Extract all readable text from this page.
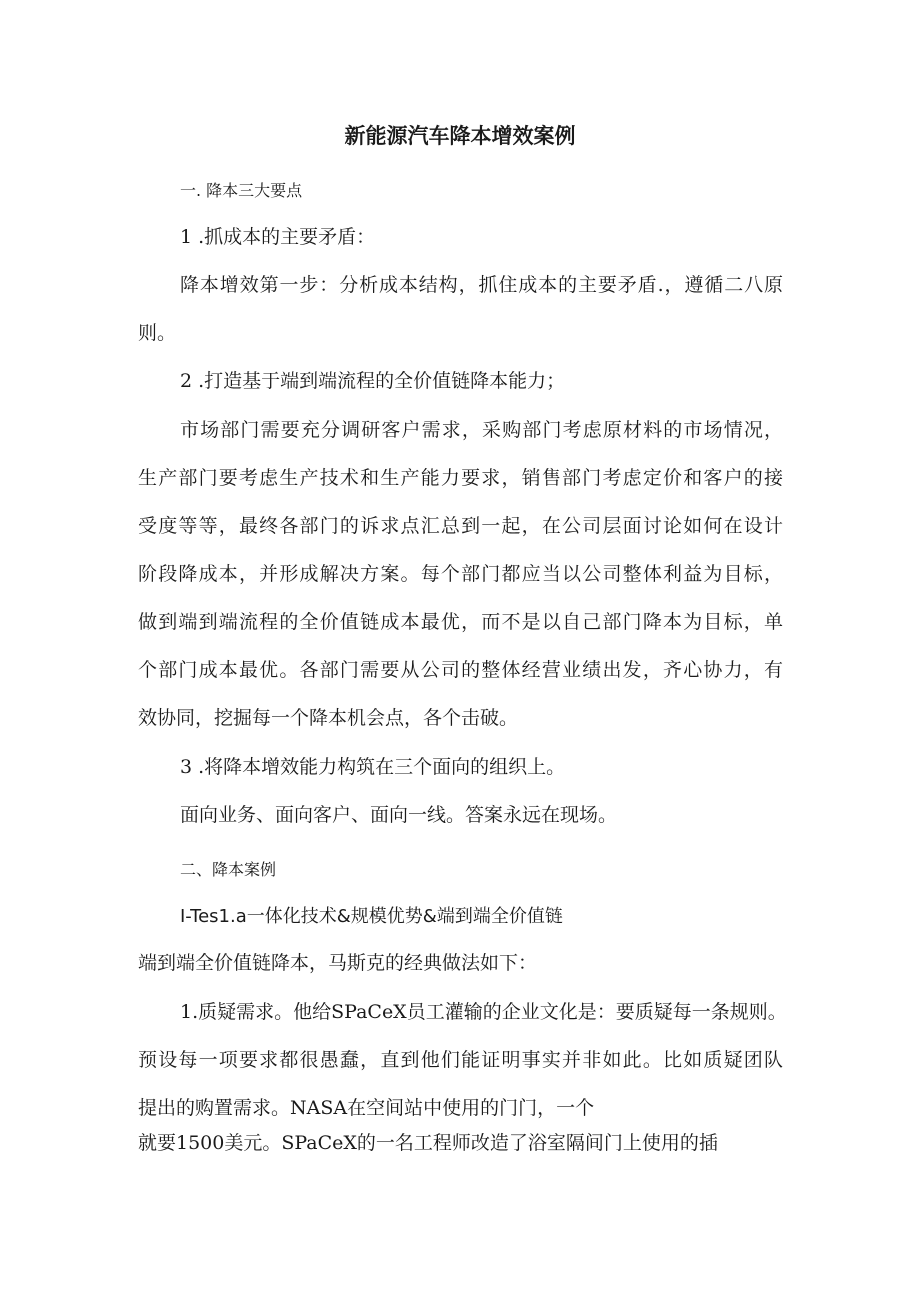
新能源汽车降本增效案例

一. 降本三大要点

1 .抓成本的主要矛盾：

降本增效第一步：分析成本结构，抓住成本的主要矛盾.，遵循二八原

则。

2 .打造基于端到端流程的全价值链降本能力；

市场部门需要充分调研客户需求，采购部门考虑原材料的市场情况，

生产部门要考虑生产技术和生产能力要求，销售部门考虑定价和客户的接

受度等等，最终各部门的诉求点汇总到一起，在公司层面讨论如何在设计

阶段降成本，并形成解决方案。每个部门都应当以公司整体利益为目标，

做到端到端流程的全价值链成本最优，而不是以自己部门降本为目标，单

个部门成本最优。各部门需要从公司的整体经营业绩出发，齐心协力，有

效协同，挖掘每一个降本机会点，各个击破。

3 .将降本增效能力构筑在三个面向的组织上。

面向业务、面向客户、面向一线。答案永远在现场。

二、降本案例

I-Tes1.a一体化技术&规模优势&端到端全价值链

端到端全价值链降本，马斯克的经典做法如下：

1.质疑需求。他给SPaCeX员工灌输的企业文化是：要质疑每一条规则。

预设每一项要求都很愚蠢，直到他们能证明事实并非如此。比如质疑团队

提出的购置需求。NASA在空间站中使用的门门，一个

就要1500美元。SPaCeX的一名工程师改造了浴室隔间门上使用的插
